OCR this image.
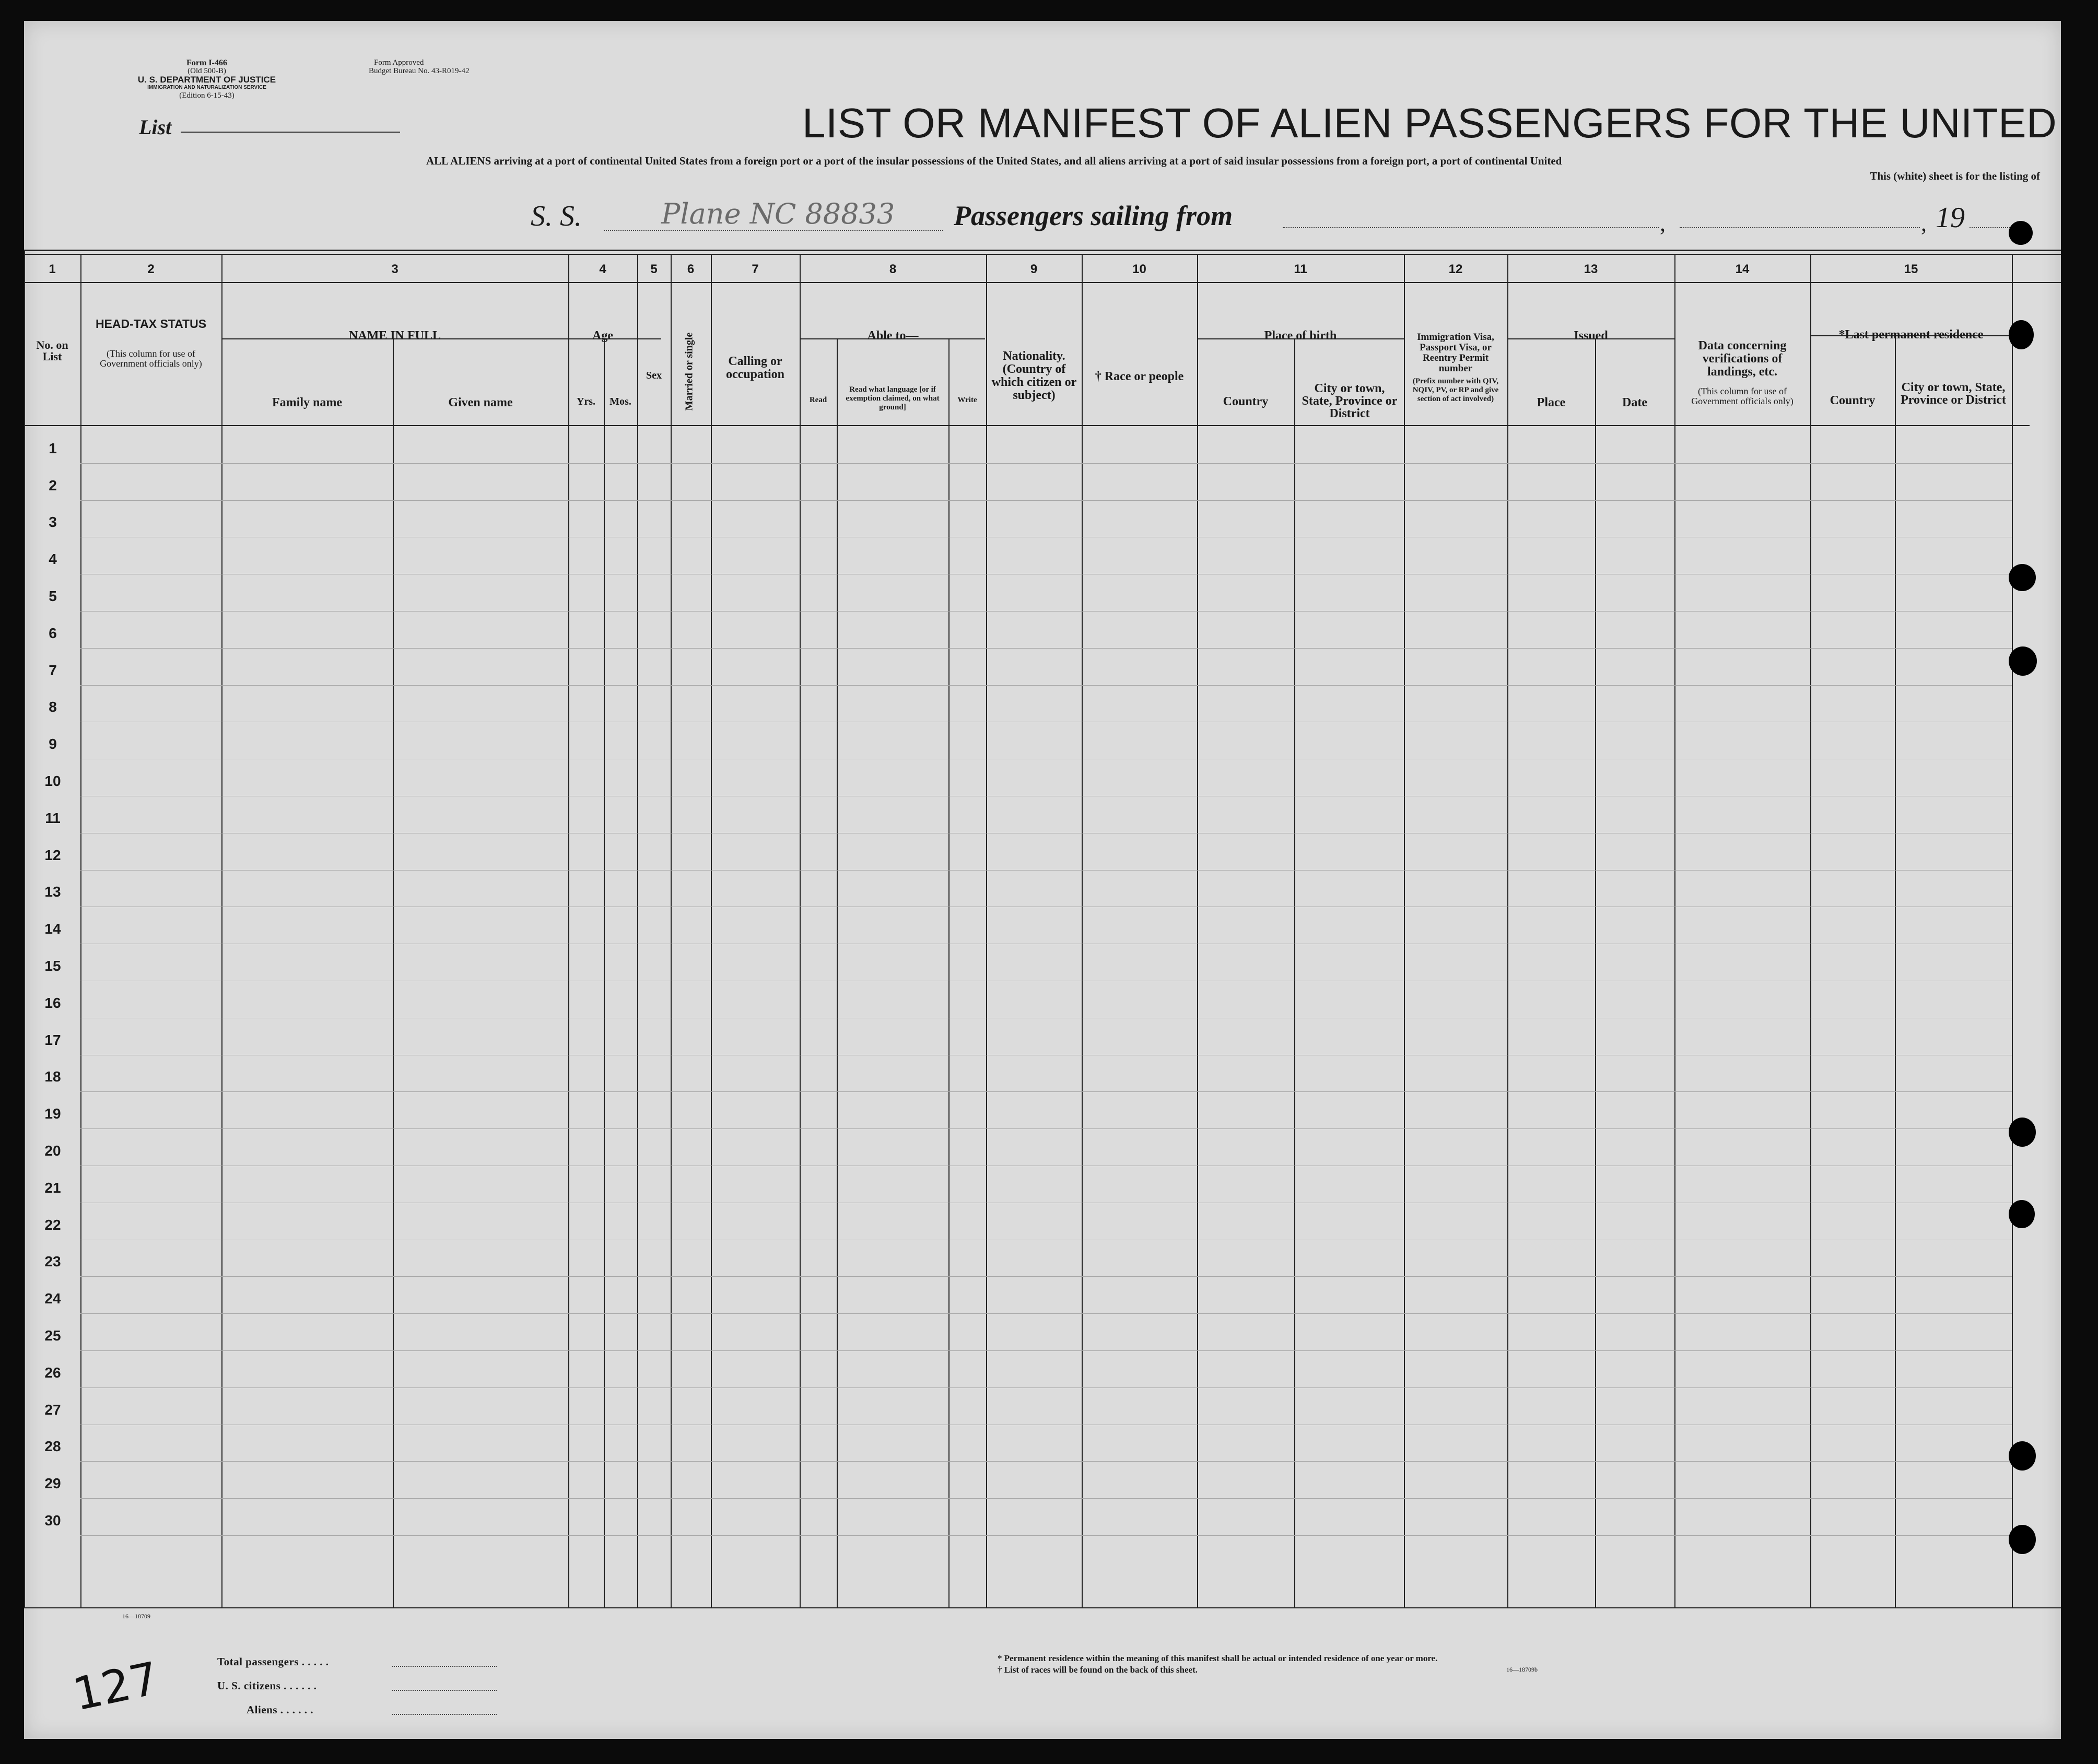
Form I-466
(Old 500-B)
U. S. DEPARTMENT OF JUSTICE
IMMIGRATION AND NATURALIZATION SERVICE
(Edition 6-15-43)
Form Approved
Budget Bureau No. 43-R019-42
List	LIST OR MANIFEST OF ALIEN PASSENGERS FOR THE UNITED
ALL ALIENS arriving at a port of continental United States from a foreign port or a port of the insular possessions of the United States, and all aliens arriving at a port of said insular possessions from a foreign port, a port of continental United
This (white) sheet is for the listing of
S. S.	Plane NC 88833 Passengers sailing from	,	, 19
1	2	3	4	5	6	7	8	9	10	11	12	13	14	15
No. on List
HEAD-TAX STATUS
(This column for use of Government officials only)
NAME IN FULL
Family name	Given name
Age
Yrs.	Mos.
Sex	Married or single	Calling or occupation
Able to—
Read
Read what language [or if exemption claimed, on what ground]
Write
Nationality. (Country of which citizen or subject)
† Race or people
Place of birth
Country
City or town, State, Province or District
Immigration Visa, Passport Visa, or Reentry Permit number
(Prefix number with QIV, NQIV, PV, or RP and give section of act involved)
Issued
Place	Date
Data concerning verifications of landings, etc.
(This column for use of Government officials only)
*Last permanent residence
Country
City or town, State, Province or District
1
2
3
4
5
6
7
8
9
10
11
12
13
14
15
16
17
18
19
20
21
22
23
24
25
26
27
28
29
30
16—18709
Total passengers . . . . .
U. S. citizens . . . . . .
Aliens . . . . . .
* Permanent residence within the meaning of this manifest shall be actual or intended residence of one year or more.
† List of races will be found on the back of this sheet.	16—18709b
127
